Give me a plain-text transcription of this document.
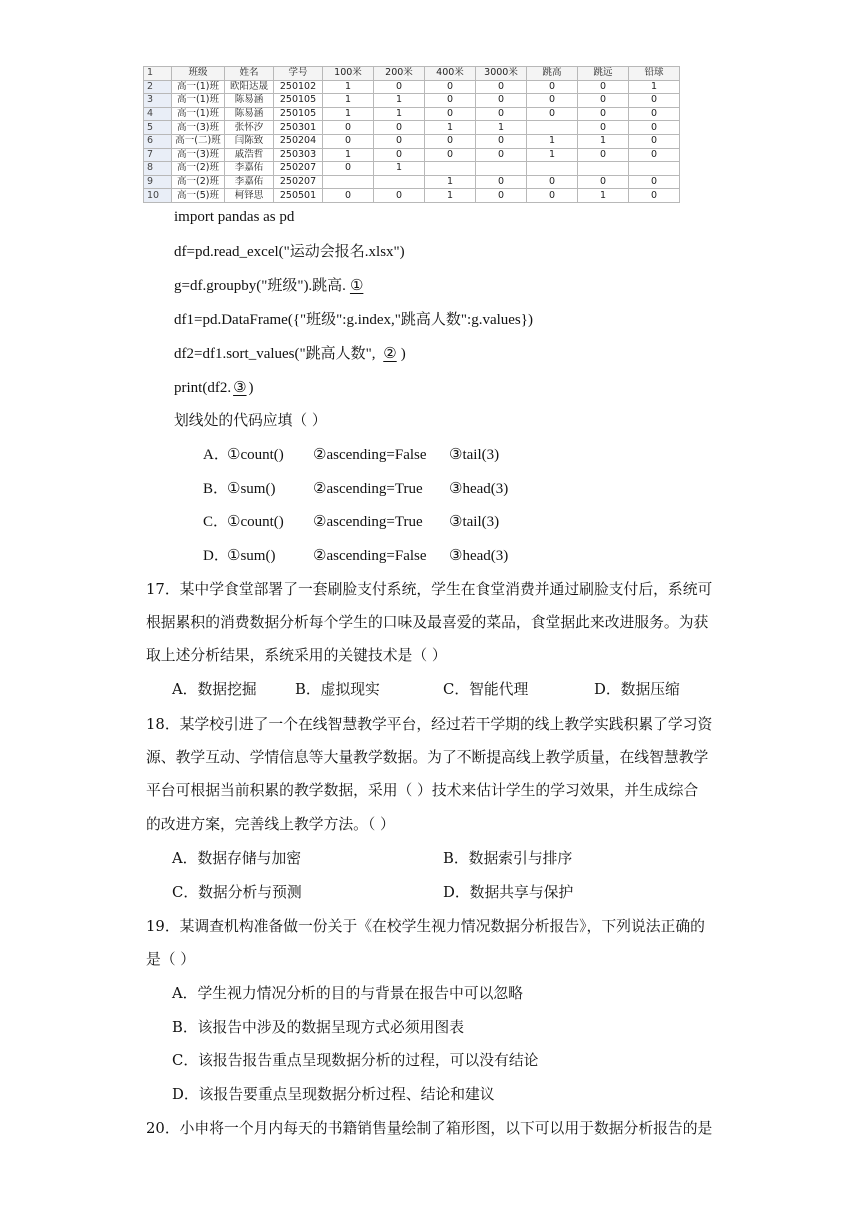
1	班级	姓名	学号	100米	200米	400米	3000米	跳高	跳远	铅球
2	高一(1)班	欧阳达晟	250102	1	0	0	0	0	0	1
3	高一(1)班	陈易涵	250105	1	1	0	0	0	0	0
4	高一(1)班	陈易涵	250105	1	1	0	0	0	0	0
5	高一(3)班	张怀汐	250301	0	0	1	1		0	0
6	高一(二)班	闫陈致	250204	0	0	0	0	1	1	0
7	高一(3)班	戚浩哲	250303	1	0	0	0	1	0	0
8	高一(2)班	李嘉佑	250207	0	1					
9	高一(2)班	李嘉佑	250207			1	0	0	0	0
10	高一(5)班	柯铎思	250501	0	0	1	0	0	1	0
import pandas as pd
df=pd.read_excel("运动会报名.xlsx")
g=df.groupby("班级").跳高. ①
df1=pd.DataFrame({"班级":g.index,"跳高人数":g.values})
df2=df1.sort_values("跳高人数", ② )
print(df2. ③ )
划线处的代码应填（ ）
A．①count() ②ascending=False ③tail(3)
B．①sum()	②ascending=True ③head(3)
C．①count() ②ascending=True ③tail(3)
D．①sum()	②ascending=False ③head(3)
17．某中学食堂部署了一套刷脸支付系统，学生在食堂消费并通过刷脸支付后，系统可
根据累积的消费数据分析每个学生的口味及最喜爱的菜品，食堂据此来改进服务。为获
取上述分析结果，系统采用的关键技术是（ ）
A．数据挖掘	B．虚拟现实	C．智能代理	D．数据压缩
18．某学校引进了一个在线智慧教学平台，经过若干学期的线上教学实践积累了学习资
源、教学互动、学情信息等大量教学数据。为了不断提高线上教学质量，在线智慧教学
平台可根据当前积累的教学数据，采用（ ）技术来估计学生的学习效果，并生成综合
的改进方案，完善线上教学方法。（ ）
A．数据存储与加密	B．数据索引与排序
C．数据分析与预测	D．数据共享与保护
19．某调查机构准备做一份关于《在校学生视力情况数据分析报告》，下列说法正确的
是（ ）
A．学生视力情况分析的目的与背景在报告中可以忽略
B．该报告中涉及的数据呈现方式必须用图表
C．该报告报告重点呈现数据分析的过程，可以没有结论
D．该报告要重点呈现数据分析过程、结论和建议
20．小申将一个月内每天的书籍销售量绘制了箱形图，以下可以用于数据分析报告的是
